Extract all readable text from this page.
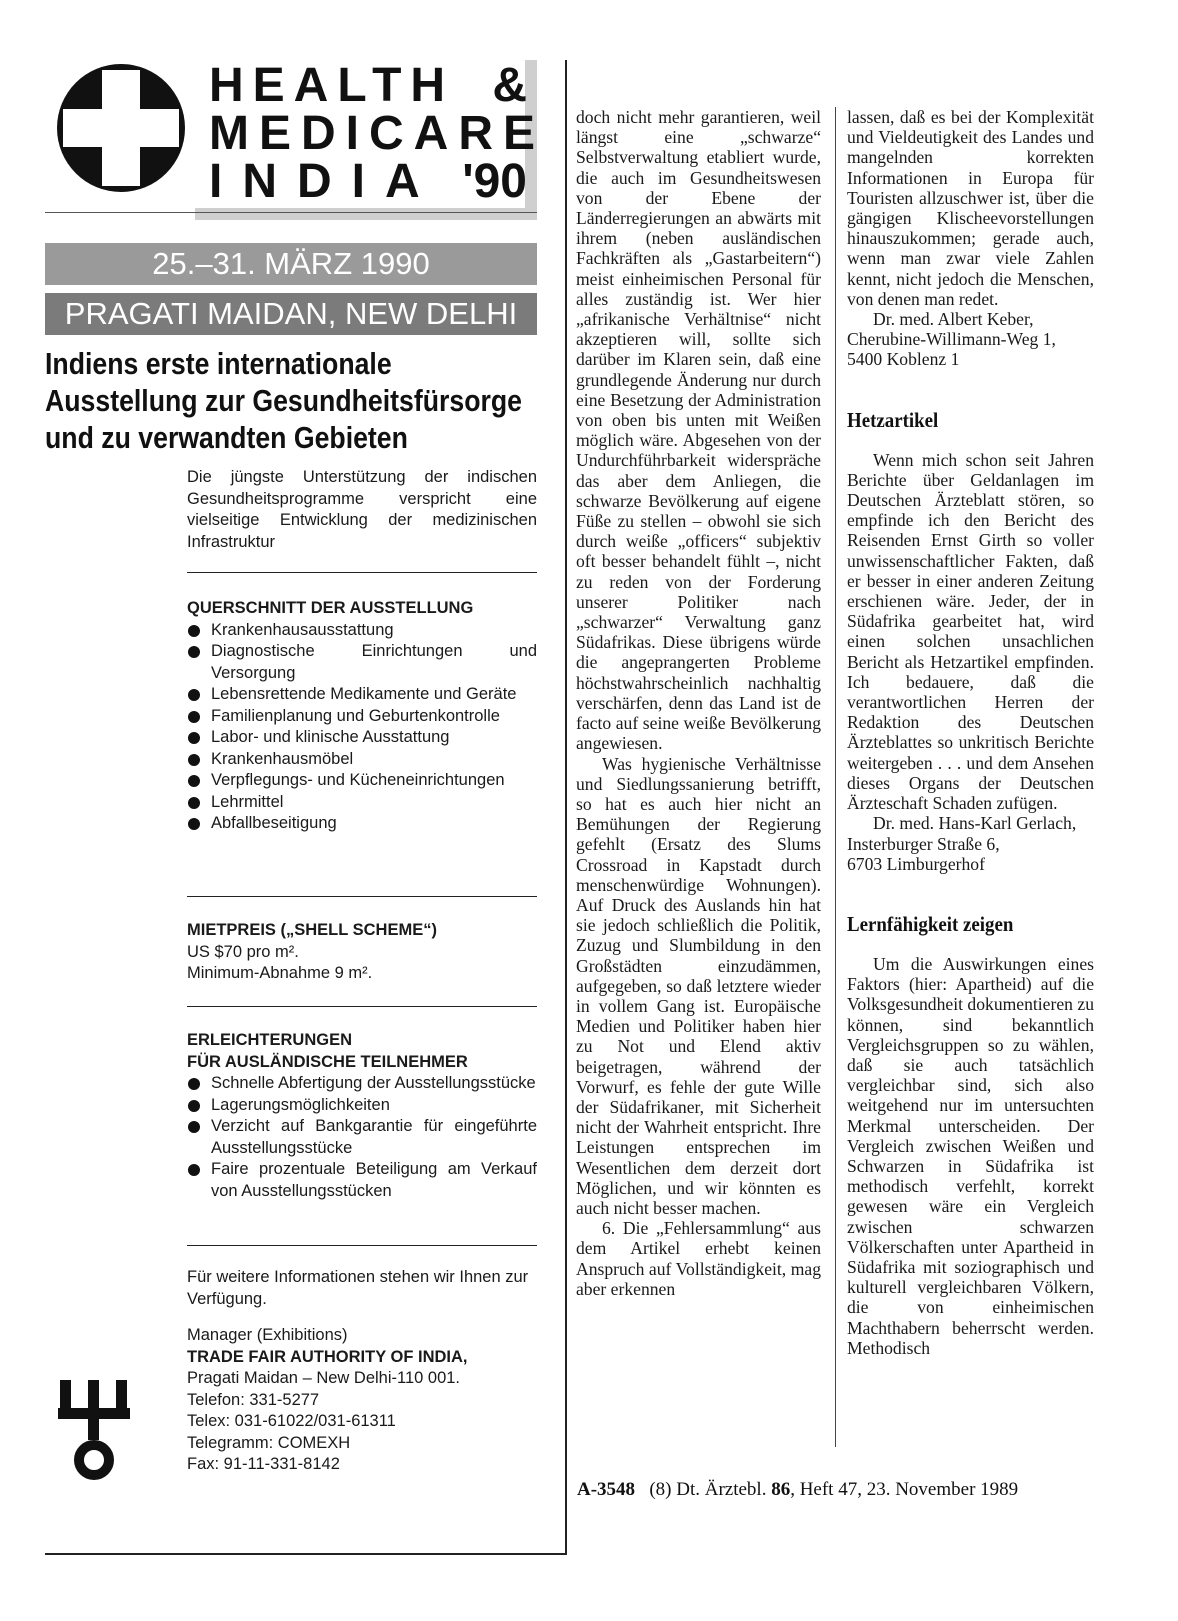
HEALTH &
MEDICARE
INDIA '90
25.–31. MÄRZ 1990
PRAGATI MAIDAN, NEW DELHI
Indiens erste internationale
Ausstellung zur Gesundheitsfürsorge
und zu verwandten Gebieten
Die jüngste Unterstützung der indischen Gesundheitsprogramme verspricht eine vielseitige Entwicklung der medizinischen Infrastruktur
QUERSCHNITT DER AUSSTELLUNG
Krankenhausausstattung
Diagnostische Einrichtungen und Versorgung
Lebensrettende Medikamente und Geräte
Familienplanung und Geburtenkontrolle
Labor- und klinische Ausstattung
Krankenhausmöbel
Verpflegungs- und Kücheneinrichtungen
Lehrmittel
Abfallbeseitigung
MIETPREIS („SHELL SCHEME“)
US $70 pro m².
Minimum-Abnahme 9 m².
ERLEICHTERUNGEN
FÜR AUSLÄNDISCHE TEILNEHMER
Schnelle Abfertigung der Ausstellungsstücke
Lagerungsmöglichkeiten
Verzicht auf Bankgarantie für eingeführte Ausstellungsstücke
Faire prozentuale Beteiligung am Verkauf von Ausstellungsstücken
Für weitere Informationen stehen wir Ihnen zur Verfügung.
Manager (Exhibitions)
TRADE FAIR AUTHORITY OF INDIA,
Pragati Maidan – New Delhi-110 001.
Telefon: 331-5277
Telex: 031-61022/031-61311
Telegramm: COMEXH
Fax: 91-11-331-8142

doch nicht mehr garantieren, weil längst eine „schwarze“ Selbstverwaltung etabliert wurde, die auch im Gesundheitswesen von der Ebene der Länderregierungen an abwärts mit ihrem (neben ausländischen Fachkräften als „Gastarbeitern“) meist einheimischen Personal für alles zuständig ist. Wer hier „afrikanische Verhältnise“ nicht akzeptieren will, sollte sich darüber im Klaren sein, daß eine grundlegende Änderung nur durch eine Besetzung der Administration von oben bis unten mit Weißen möglich wäre. Abgesehen von der Undurchführbarkeit widerspräche das aber dem Anliegen, die schwarze Bevölkerung auf eigene Füße zu stellen – obwohl sie sich durch weiße „officers“ subjektiv oft besser behandelt fühlt –, nicht zu reden von der Forderung unserer Politiker nach „schwarzer“ Verwaltung ganz Südafrikas. Diese übrigens würde die angeprangerten Probleme höchstwahrscheinlich nachhaltig verschärfen, denn das Land ist de facto auf seine weiße Bevölkerung angewiesen.

Was hygienische Verhältnisse und Siedlungssanierung betrifft, so hat es auch hier nicht an Bemühungen der Regierung gefehlt (Ersatz des Slums Crossroad in Kapstadt durch menschenwürdige Wohnungen). Auf Druck des Auslands hin hat sie jedoch schließlich die Politik, Zuzug und Slumbildung in den Großstädten einzudämmen, aufgegeben, so daß letztere wieder in vollem Gang ist. Europäische Medien und Politiker haben hier zu Not und Elend aktiv beigetragen, während der Vorwurf, es fehle der gute Wille der Südafrikaner, mit Sicherheit nicht der Wahrheit entspricht. Ihre Leistungen entsprechen im Wesentlichen dem derzeit dort Möglichen, und wir könnten es auch nicht besser machen.

6. Die „Fehlersammlung“ aus dem Artikel erhebt keinen Anspruch auf Vollständigkeit, mag aber erkennen

lassen, daß es bei der Komplexität und Vieldeutigkeit des Landes und mangelnden korrekten Informationen in Europa für Touristen allzuschwer ist, über die gängigen Klischeevorstellungen hinauszukommen; gerade auch, wenn man zwar viele Zahlen kennt, nicht jedoch die Menschen, von denen man redet.

Dr. med. Albert Keber,

Cherubine-Willimann-Weg 1,

5400 Koblenz 1

Hetzartikel

Wenn mich schon seit Jahren Berichte über Geldanlagen im Deutschen Ärzteblatt stören, so empfinde ich den Bericht des Reisenden Ernst Girth so voller unwissenschaftlicher Fakten, daß er besser in einer anderen Zeitung erschienen wäre. Jeder, der in Südafrika gearbeitet hat, wird einen solchen unsachlichen Bericht als Hetzartikel empfinden. Ich bedauere, daß die verantwortlichen Herren der Redaktion des Deutschen Ärzteblattes so unkritisch Berichte weitergeben . . . und dem Ansehen dieses Organs der Deutschen Ärzteschaft Schaden zufügen.

Dr. med. Hans-Karl Gerlach,

Insterburger Straße 6,

6703 Limburgerhof

Lernfähigkeit zeigen

Um die Auswirkungen eines Faktors (hier: Apartheid) auf die Volksgesundheit dokumentieren zu können, sind bekanntlich Vergleichsgruppen so zu wählen, daß sie auch tatsächlich vergleichbar sind, sich also weitgehend nur im untersuchten Merkmal unterscheiden. Der Vergleich zwischen Weißen und Schwarzen in Südafrika ist methodisch verfehlt, korrekt gewesen wäre ein Vergleich zwischen schwarzen Völkerschaften unter Apartheid in Südafrika mit soziographisch und kulturell vergleichbaren Völkern, die von einheimischen Machthabern beherrscht werden. Methodisch

A-3548 (8) Dt. Ärztebl. 86, Heft 47, 23. November 1989
